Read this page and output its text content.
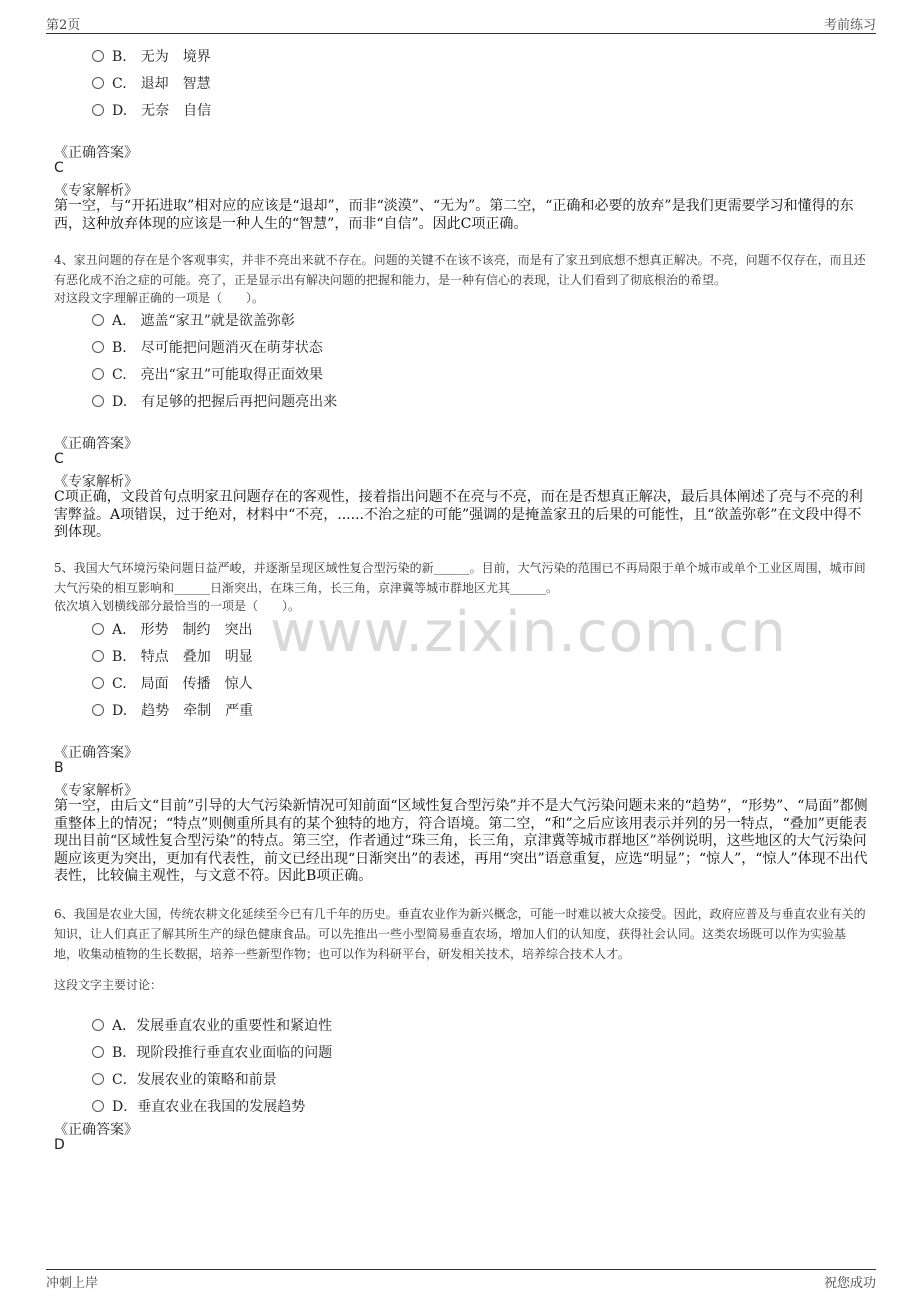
第2页	考前练习
www.zixin.com.cn
B.　无为　境界
C.　退却　智慧
D.　无奈　自信
《正确答案》
C
《专家解析》
第一空，与“开拓进取”相对应的应该是“退却”，而非“淡漠”、“无为”。第二空，“正确和必要的放弃”是我们更需要学习和懂得的东西，这种放弃体现的应该是一种人生的“智慧”，而非“自信”。因此C项正确。
4、家丑问题的存在是个客观事实，并非不亮出来就不存在。问题的关键不在该不该亮，而是有了家丑到底想不想真正解决。不亮，问题不仅存在，而且还有恶化成不治之症的可能。亮了，正是显示出有解决问题的把握和能力，是一种有信心的表现，让人们看到了彻底根治的希望。
对这段文字理解正确的一项是（　　）。
A.　遮盖“家丑”就是欲盖弥彰
B.　尽可能把问题消灭在萌芽状态
C.　亮出“家丑”可能取得正面效果
D.　有足够的把握后再把问题亮出来
《正确答案》
C
《专家解析》
C项正确，文段首句点明家丑问题存在的客观性，接着指出问题不在亮与不亮，而在是否想真正解决，最后具体阐述了亮与不亮的利害弊益。A项错误，过于绝对，材料中“不亮，......不治之症的可能”强调的是掩盖家丑的后果的可能性，且“欲盖弥彰”在文段中得不到体现。
5、我国大气环境污染问题日益严峻，并逐渐呈现区域性复合型污染的新______。目前，大气污染的范围已不再局限于单个城市或单个工业区周围，城市间大气污染的相互影响和______日渐突出，在珠三角，长三角，京津冀等城市群地区尤其______。
依次填入划横线部分最恰当的一项是（　　）。
A.　形势　制约　突出
B.　特点　叠加　明显
C.　局面　传播　惊人
D.　趋势　牵制　严重
《正确答案》
B
《专家解析》
第一空，由后文“目前”引导的大气污染新情况可知前面“区域性复合型污染”并不是大气污染问题未来的“趋势”，“形势”、“局面”都侧重整体上的情况；“特点”则侧重所具有的某个独特的地方，符合语境。第二空，“和”之后应该用表示并列的另一特点，“叠加”更能表现出目前“区域性复合型污染”的特点。第三空，作者通过“珠三角，长三角，京津冀等城市群地区”举例说明，这些地区的大气污染问题应该更为突出，更加有代表性，前文已经出现“日渐突出”的表述，再用“突出”语意重复，应选“明显”；“惊人”，“惊人”体现不出代表性，比较偏主观性，与文意不符。因此B项正确。
6、我国是农业大国，传统农耕文化延续至今已有几千年的历史。垂直农业作为新兴概念，可能一时难以被大众接受。因此，政府应普及与垂直农业有关的知识，让人们真正了解其所生产的绿色健康食品。可以先推出一些小型简易垂直农场，增加人们的认知度，获得社会认同。这类农场既可以作为实验基地，收集动植物的生长数据，培养一些新型作物；也可以作为科研平台，研发相关技术，培养综合技术人才。
这段文字主要讨论：
A．发展垂直农业的重要性和紧迫性
B．现阶段推行垂直农业面临的问题
C．发展农业的策略和前景
D．垂直农业在我国的发展趋势
《正确答案》
D
冲刺上岸	祝您成功
